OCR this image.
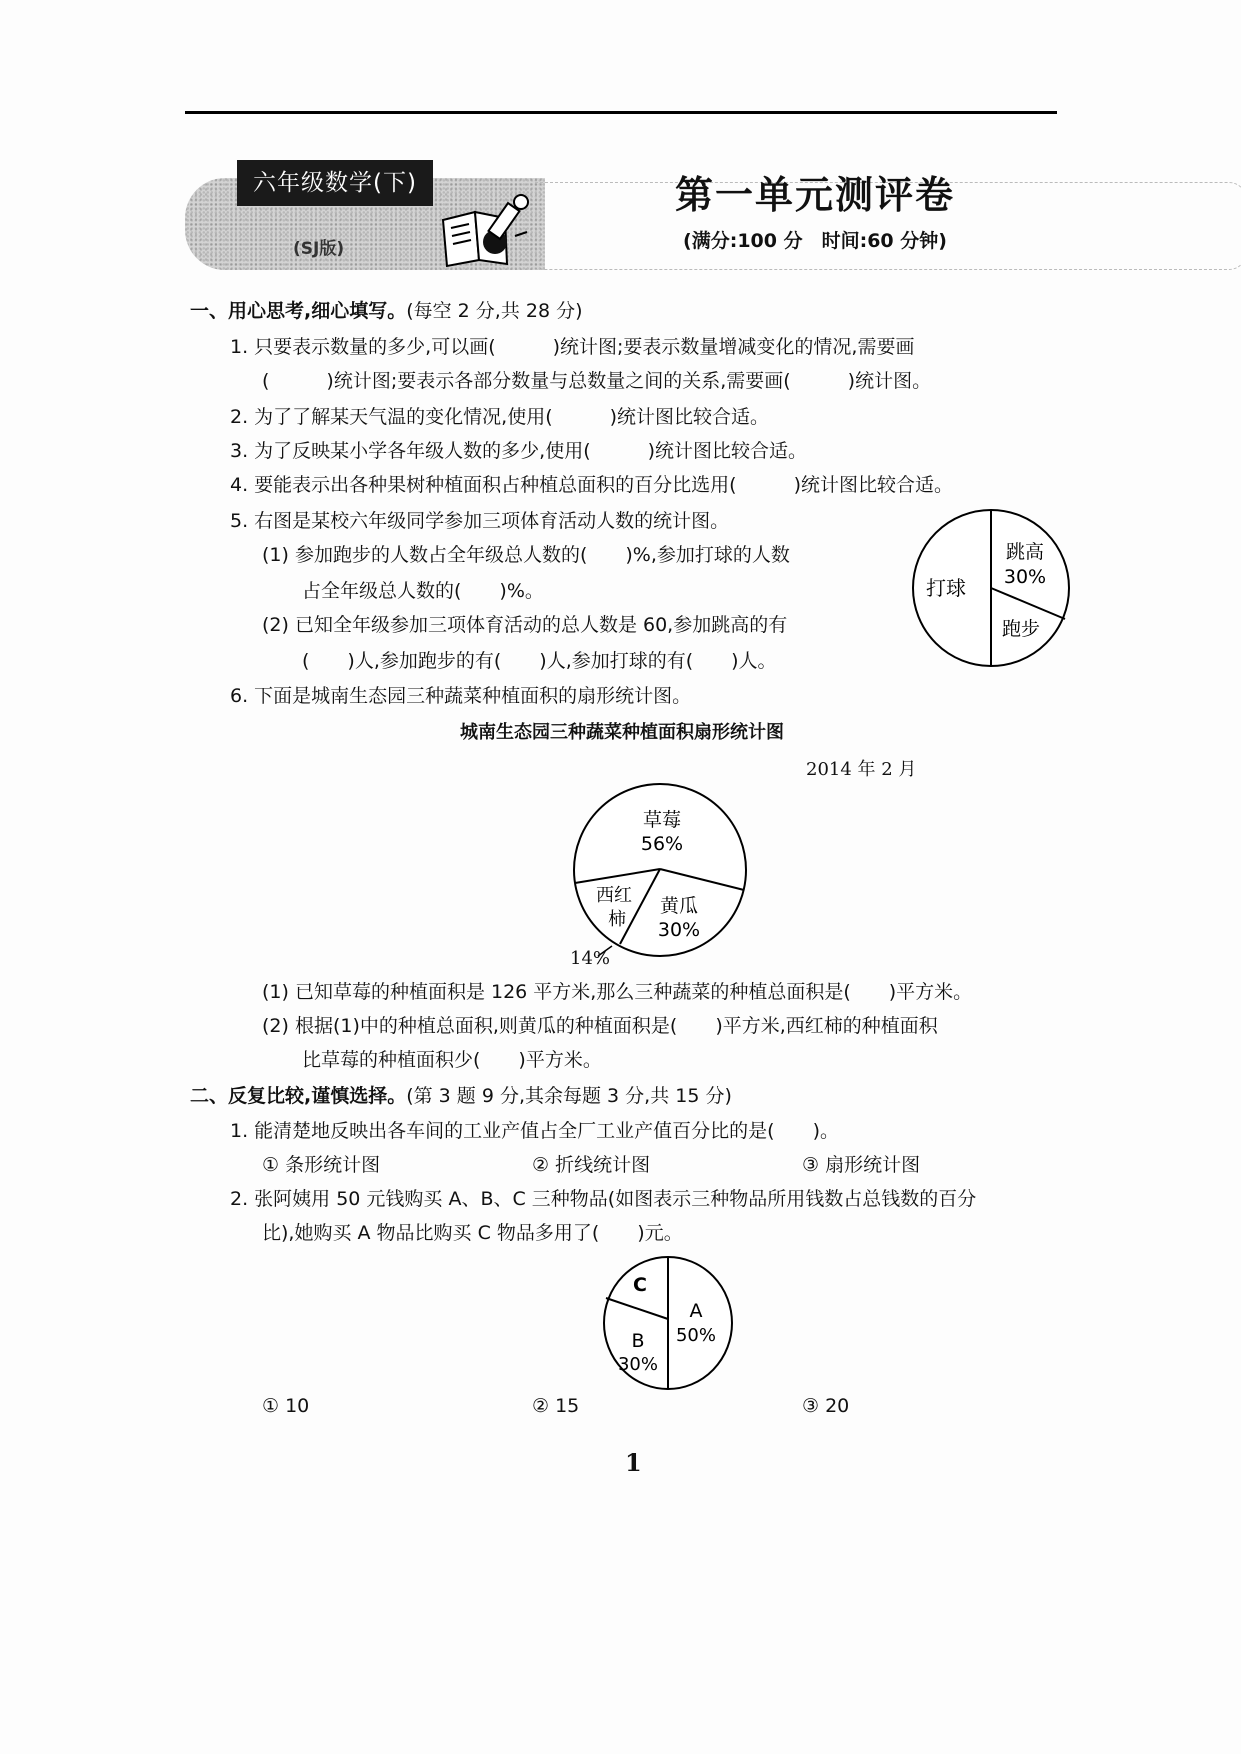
六年级数学(下)
(SJ版)
第一单元测评卷
(满分:100 分　时间:60 分钟)
一、用心思考,细心填写。(每空 2 分,共 28 分)
1. 只要表示数量的多少,可以画(　　　)统计图;要表示数量增减变化的情况,需要画
(　　　)统计图;要表示各部分数量与总数量之间的关系,需要画(　　　)统计图。
2. 为了了解某天气温的变化情况,使用(　　　)统计图比较合适。
3. 为了反映某小学各年级人数的多少,使用(　　　)统计图比较合适。
4. 要能表示出各种果树种植面积占种植总面积的百分比选用(　　　)统计图比较合适。
5. 右图是某校六年级同学参加三项体育活动人数的统计图。
(1) 参加跑步的人数占全年级总人数的(　　)%,参加打球的人数
占全年级总人数的(　　)%。
(2) 已知全年级参加三项体育活动的总人数是 60,参加跳高的有
(　　)人,参加跑步的有(　　)人,参加打球的有(　　)人。
打球
跳高
30%
跑步
6. 下面是城南生态园三种蔬菜种植面积的扇形统计图。
城南生态园三种蔬菜种植面积扇形统计图
2014 年 2 月
草莓
56%
黄瓜
30%
西红
柿
14%
(1) 已知草莓的种植面积是 126 平方米,那么三种蔬菜的种植总面积是(　　)平方米。
(2) 根据(1)中的种植总面积,则黄瓜的种植面积是(　　)平方米,西红柿的种植面积
比草莓的种植面积少(　　)平方米。
二、反复比较,谨慎选择。(第 3 题 9 分,其余每题 3 分,共 15 分)
1. 能清楚地反映出各车间的工业产值占全厂工业产值百分比的是(　　)。
① 条形统计图	② 折线统计图	③ 扇形统计图
2. 张阿姨用 50 元钱购买 A、B、C 三种物品(如图表示三种物品所用钱数占总钱数的百分
比),她购买 A 物品比购买 C 物品多用了(　　)元。
C
A
50%
B
30%
① 10	② 15	③ 20
1
